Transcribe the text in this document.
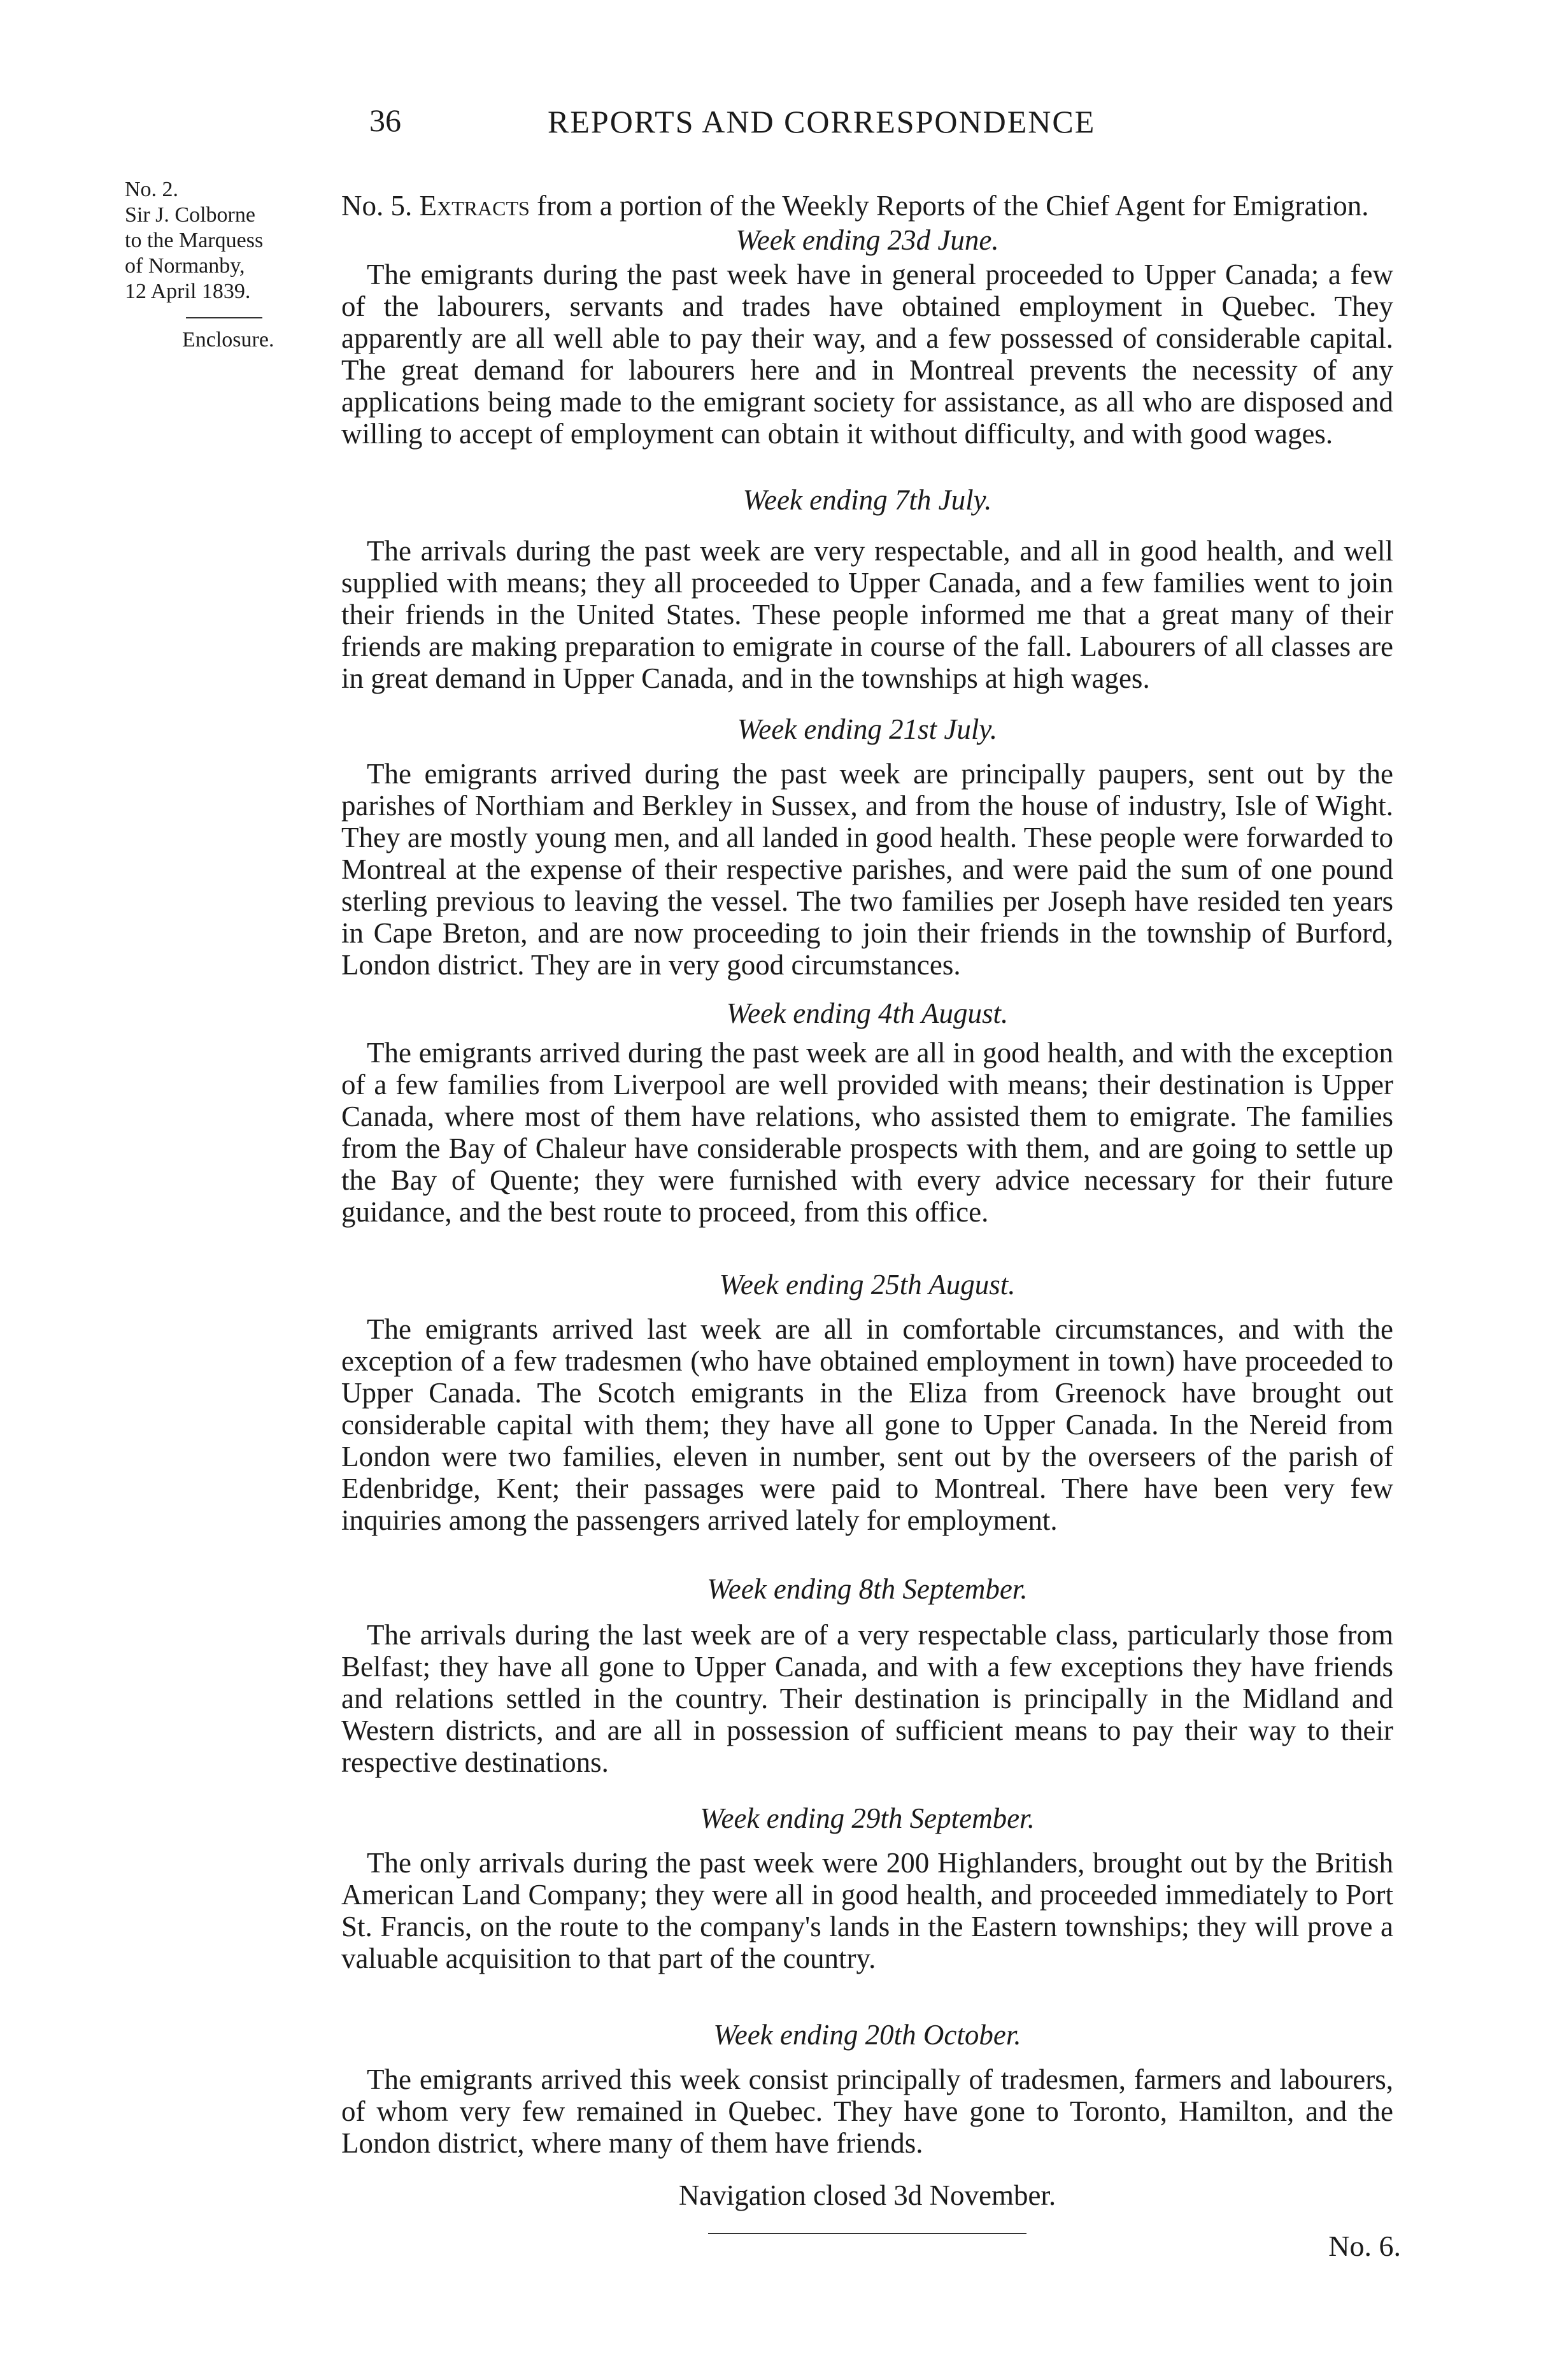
36	REPORTS AND CORRESPONDENCE
No. 2.
Sir J. Colborne
to the Marquess
of Normanby,
12 April 1839.
Enclosure.

No. 5. Extracts from a portion of the Weekly Reports of the Chief Agent for Emigration.

Week ending 23d June.

The emigrants during the past week have in general proceeded to Upper Canada; a few of the labourers, servants and trades have obtained employment in Quebec. They apparently are all well able to pay their way, and a few possessed of considerable capital. The great demand for labourers here and in Montreal prevents the necessity of any applications being made to the emigrant society for assistance, as all who are disposed and willing to accept of employment can obtain it without difficulty, and with good wages.

Week ending 7th July.

The arrivals during the past week are very respectable, and all in good health, and well supplied with means; they all proceeded to Upper Canada, and a few families went to join their friends in the United States. These people informed me that a great many of their friends are making preparation to emigrate in course of the fall. Labourers of all classes are in great demand in Upper Canada, and in the townships at high wages.

Week ending 21st July.

The emigrants arrived during the past week are principally paupers, sent out by the parishes of Northiam and Berkley in Sussex, and from the house of industry, Isle of Wight. They are mostly young men, and all landed in good health. These people were forwarded to Montreal at the expense of their respective parishes, and were paid the sum of one pound sterling previous to leaving the vessel. The two families per Joseph have resided ten years in Cape Breton, and are now proceeding to join their friends in the township of Burford, London district. They are in very good circumstances.

Week ending 4th August.

The emigrants arrived during the past week are all in good health, and with the exception of a few families from Liverpool are well provided with means; their destination is Upper Canada, where most of them have relations, who assisted them to emigrate. The families from the Bay of Chaleur have considerable prospects with them, and are going to settle up the Bay of Quente; they were furnished with every advice necessary for their future guidance, and the best route to proceed, from this office.

Week ending 25th August.

The emigrants arrived last week are all in comfortable circumstances, and with the exception of a few tradesmen (who have obtained employment in town) have proceeded to Upper Canada. The Scotch emigrants in the Eliza from Greenock have brought out considerable capital with them; they have all gone to Upper Canada. In the Nereid from London were two families, eleven in number, sent out by the overseers of the parish of Edenbridge, Kent; their passages were paid to Montreal. There have been very few inquiries among the passengers arrived lately for employment.

Week ending 8th September.

The arrivals during the last week are of a very respectable class, particularly those from Belfast; they have all gone to Upper Canada, and with a few exceptions they have friends and relations settled in the country. Their destination is principally in the Midland and Western districts, and are all in possession of sufficient means to pay their way to their respective destinations.

Week ending 29th September.

The only arrivals during the past week were 200 Highlanders, brought out by the British American Land Company; they were all in good health, and proceeded immediately to Port St. Francis, on the route to the company's lands in the Eastern townships; they will prove a valuable acquisition to that part of the country.

Week ending 20th October.

The emigrants arrived this week consist principally of tradesmen, farmers and labourers, of whom very few remained in Quebec. They have gone to Toronto, Hamilton, and the London district, where many of them have friends.

Navigation closed 3d November.

No. 6.
